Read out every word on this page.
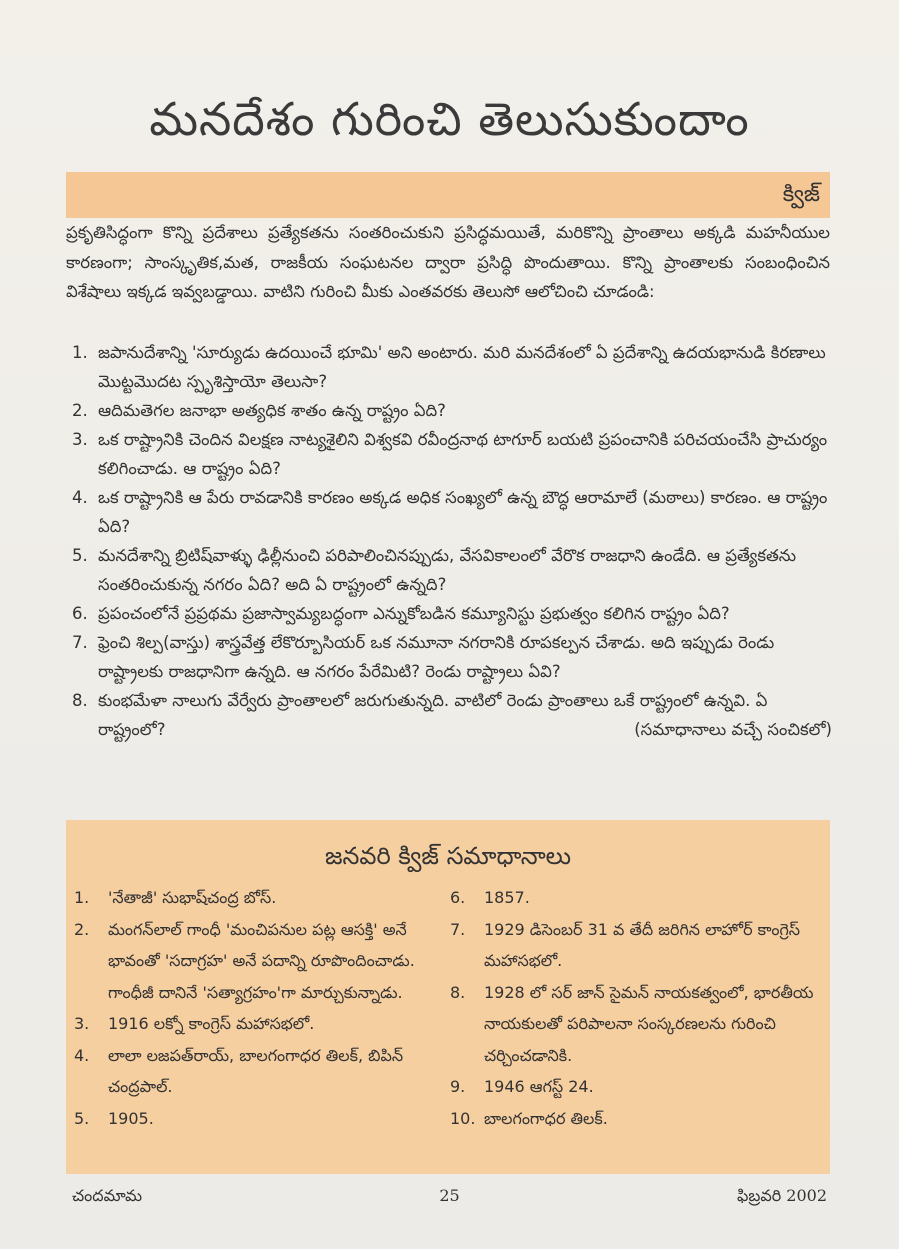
మనదేశం గురించి తెలుసుకుందాం
క్విజ్
ప్రకృతిసిద్ధంగా కొన్ని ప్రదేశాలు ప్రత్యేకతను సంతరించుకుని ప్రసిద్ధమయితే, మరికొన్ని ప్రాంతాలు అక్కడి మహనీయుల కారణంగా; సాంస్కృతిక,మత, రాజకీయ సంఘటనల ద్వారా ప్రసిద్ధి పొందుతాయి. కొన్ని ప్రాంతాలకు సంబంధించిన విశేషాలు ఇక్కడ ఇవ్వబడ్డాయి. వాటిని గురించి మీకు ఎంతవరకు తెలుసో ఆలోచించి చూడండి:
1. జపానుదేశాన్ని 'సూర్యుడు ఉదయించే భూమి' అని అంటారు. మరి మనదేశంలో ఏ ప్రదేశాన్ని ఉదయభానుడి కిరణాలు మొట్టమొదట స్పృశిస్తాయో తెలుసా?
2. ఆదిమతెగల జనాభా అత్యధిక శాతం ఉన్న రాష్ట్రం ఏది?
3. ఒక రాష్ట్రానికి చెందిన విలక్షణ నాట్యశైలిని విశ్వకవి రవీంద్రనాథ టాగూర్ బయటి ప్రపంచానికి పరిచయంచేసి ప్రాచుర్యం కలిగించాడు. ఆ రాష్ట్రం ఏది?
4. ఒక రాష్ట్రానికి ఆ పేరు రావడానికి కారణం అక్కడ అధిక సంఖ్యలో ఉన్న బౌద్ధ ఆరామాలే (మఠాలు) కారణం. ఆ రాష్ట్రం ఏది?
5. మనదేశాన్ని బ్రిటిష్‌వాళ్ళు ఢిల్లీనుంచి పరిపాలించినప్పుడు, వేసవికాలంలో వేరొక రాజధాని ఉండేది. ఆ ప్రత్యేకతను సంతరించుకున్న నగరం ఏది? అది ఏ రాష్ట్రంలో ఉన్నది?
6. ప్రపంచంలోనే ప్రప్రథమ ప్రజాస్వామ్యబద్ధంగా ఎన్నుకోబడిన కమ్యూనిస్టు ప్రభుత్వం కలిగిన రాష్ట్రం ఏది?
7. ఫ్రెంచి శిల్ప(వాస్తు) శాస్త్రవేత్త లేకొర్బూసియర్ ఒక నమూనా నగరానికి రూపకల్పన చేశాడు. అది ఇప్పుడు రెండు రాష్ట్రాలకు రాజధానిగా ఉన్నది. ఆ నగరం పేరేమిటి? రెండు రాష్ట్రాలు ఏవి?
8. కుంభమేళా నాలుగు వేర్వేరు ప్రాంతాలలో జరుగుతున్నది. వాటిలో రెండు ప్రాంతాలు ఒకే రాష్ట్రంలో ఉన్నవి. ఏ రాష్ట్రంలో?	(సమాధానాలు వచ్చే సంచికలో)
జనవరి క్విజ్ సమాధానాలు
1. 'నేతాజీ' సుభాష్‌చంద్ర బోస్.
2. మంగన్‌లాల్ గాంధీ 'మంచిపనుల పట్ల ఆసక్తి' అనే భావంతో 'సదాగ్రహ' అనే పదాన్ని రూపొందించాడు. గాంధీజీ దానినే 'సత్యాగ్రహం'గా మార్చుకున్నాడు.
3. 1916 లక్నో కాంగ్రెస్ మహాసభలో.
4. లాలా లజపత్‌రాయ్, బాలగంగాధర తిలక్, బిపిన్ చంద్రపాల్.
5. 1905.
6. 1857.
7. 1929 డిసెంబర్ 31 వ తేదీ జరిగిన లాహోర్ కాంగ్రెస్ మహాసభలో.
8. 1928 లో సర్ జాన్ సైమన్ నాయకత్వంలో, భారతీయ నాయకులతో పరిపాలనా సంస్కరణలను గురించి చర్చించడానికి.
9. 1946 ఆగస్ట్ 24.
10. బాలగంగాధర తిలక్.
చందమామ	25	ఫిబ్రవరి 2002
